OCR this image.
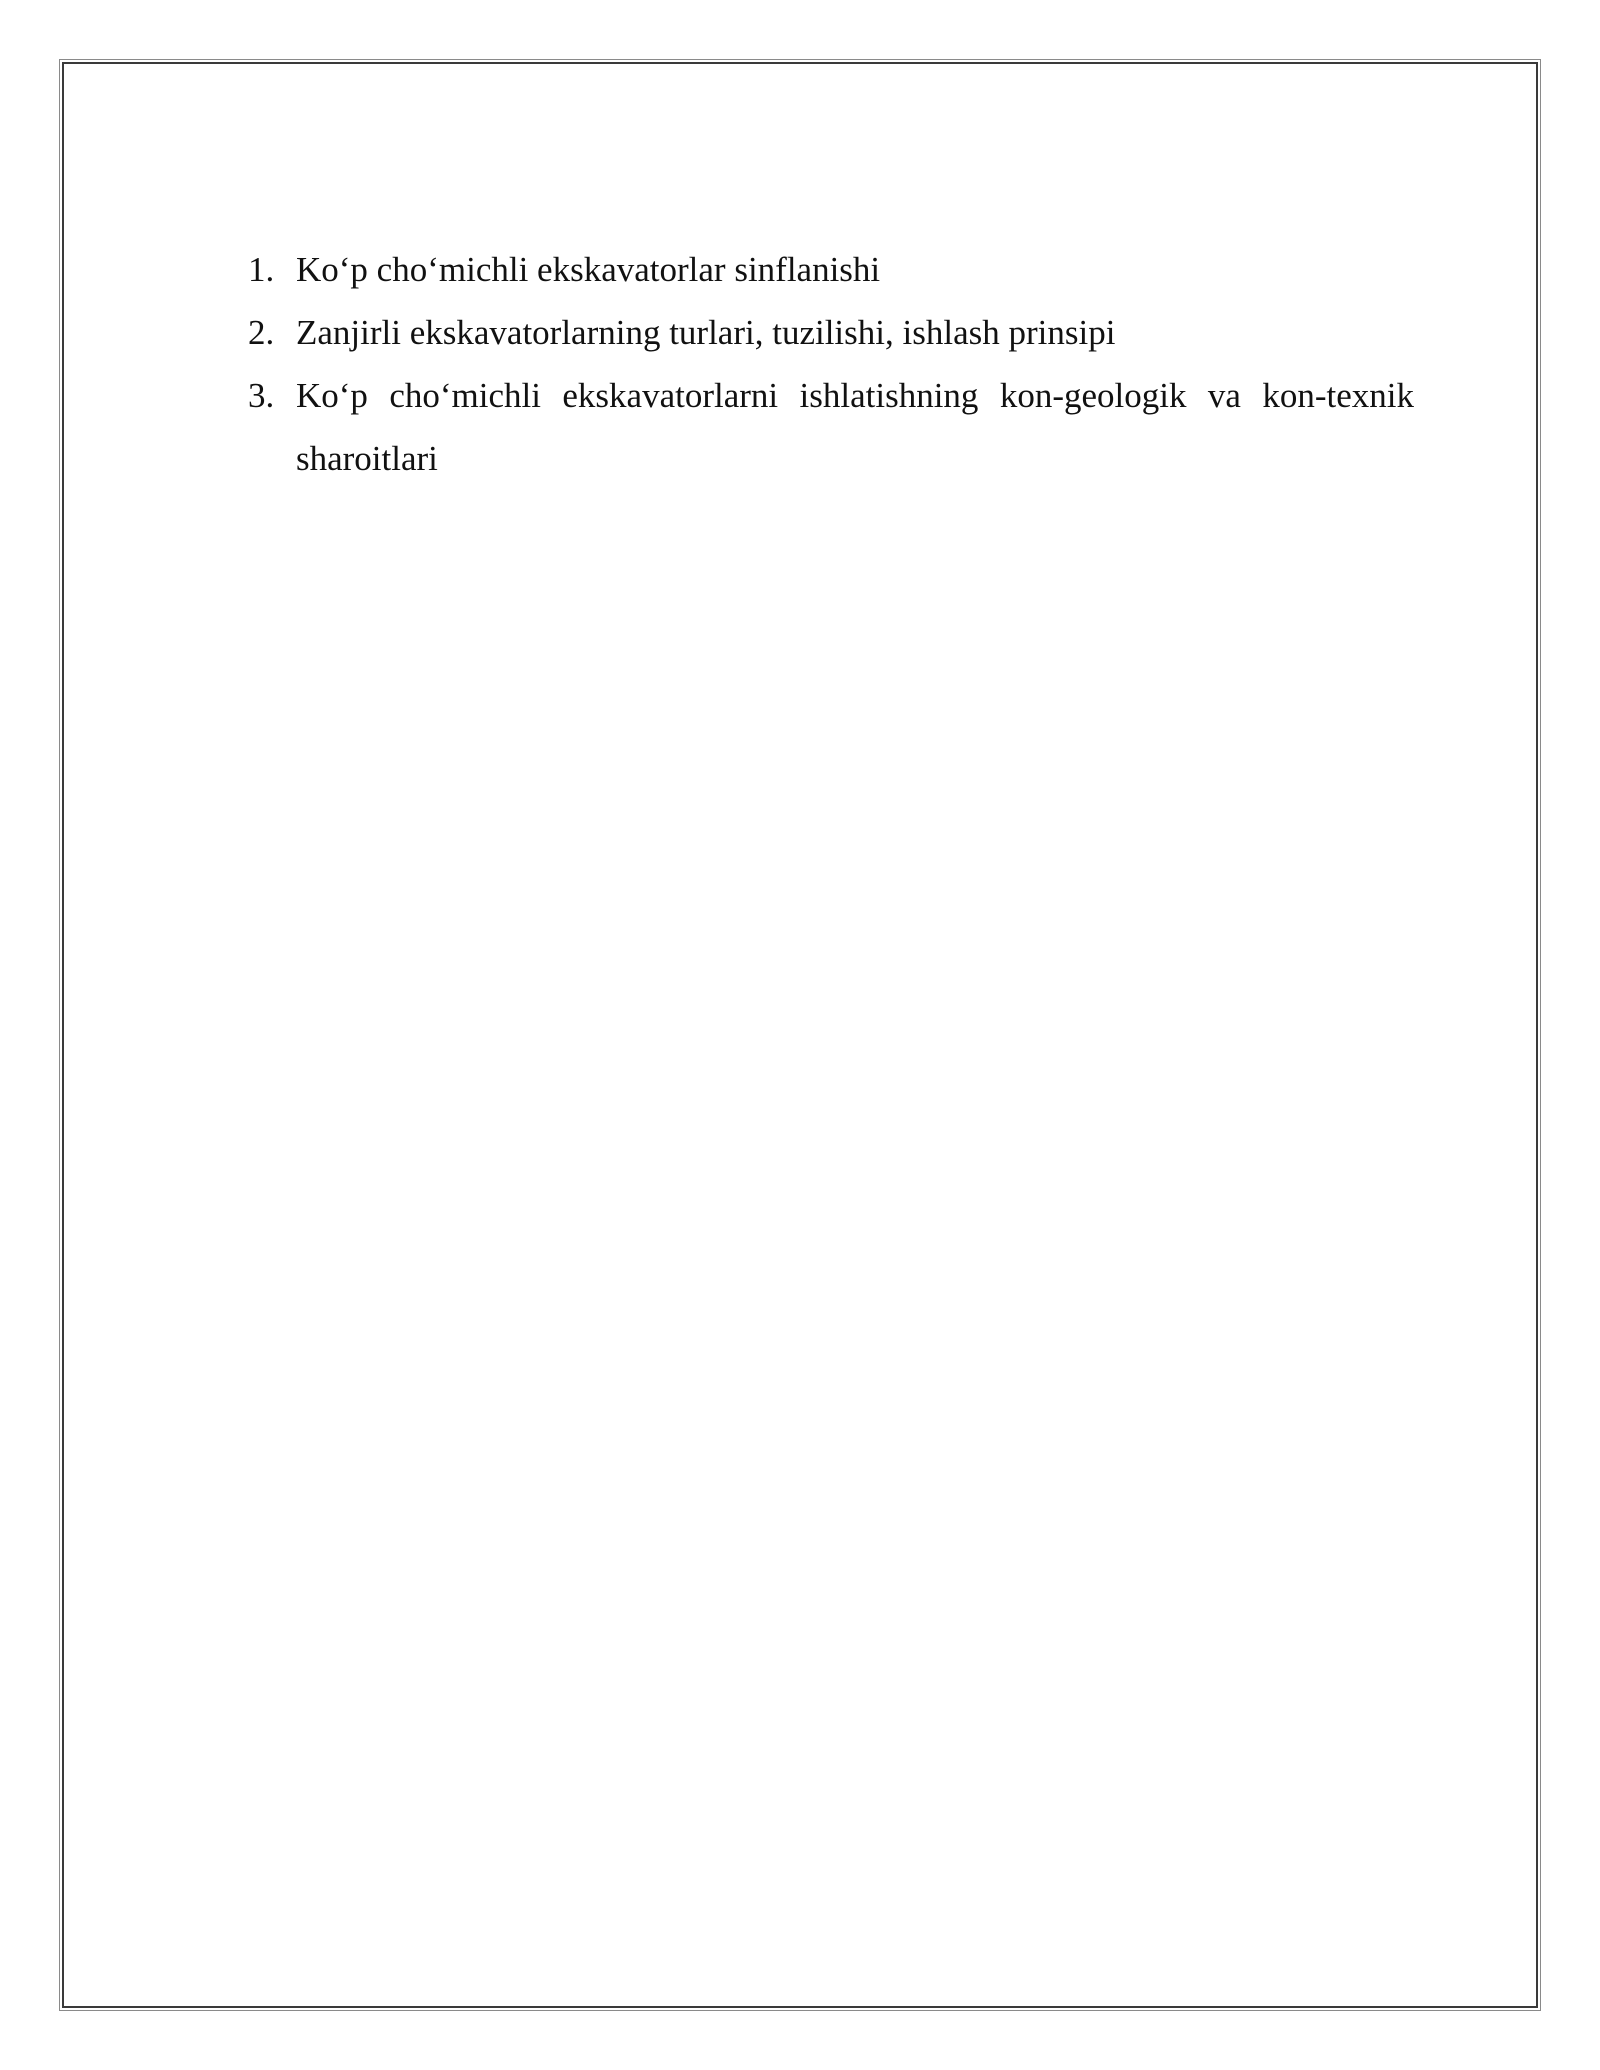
1. Ko‘p cho‘michli ekskavatorlar sinflanishi
2. Zanjirli ekskavatorlarning turlari, tuzilishi, ishlash prinsipi
3. Ko‘p cho‘michli ekskavatorlarni ishlatishning kon-geologik va kon-texnik sharoitlari
